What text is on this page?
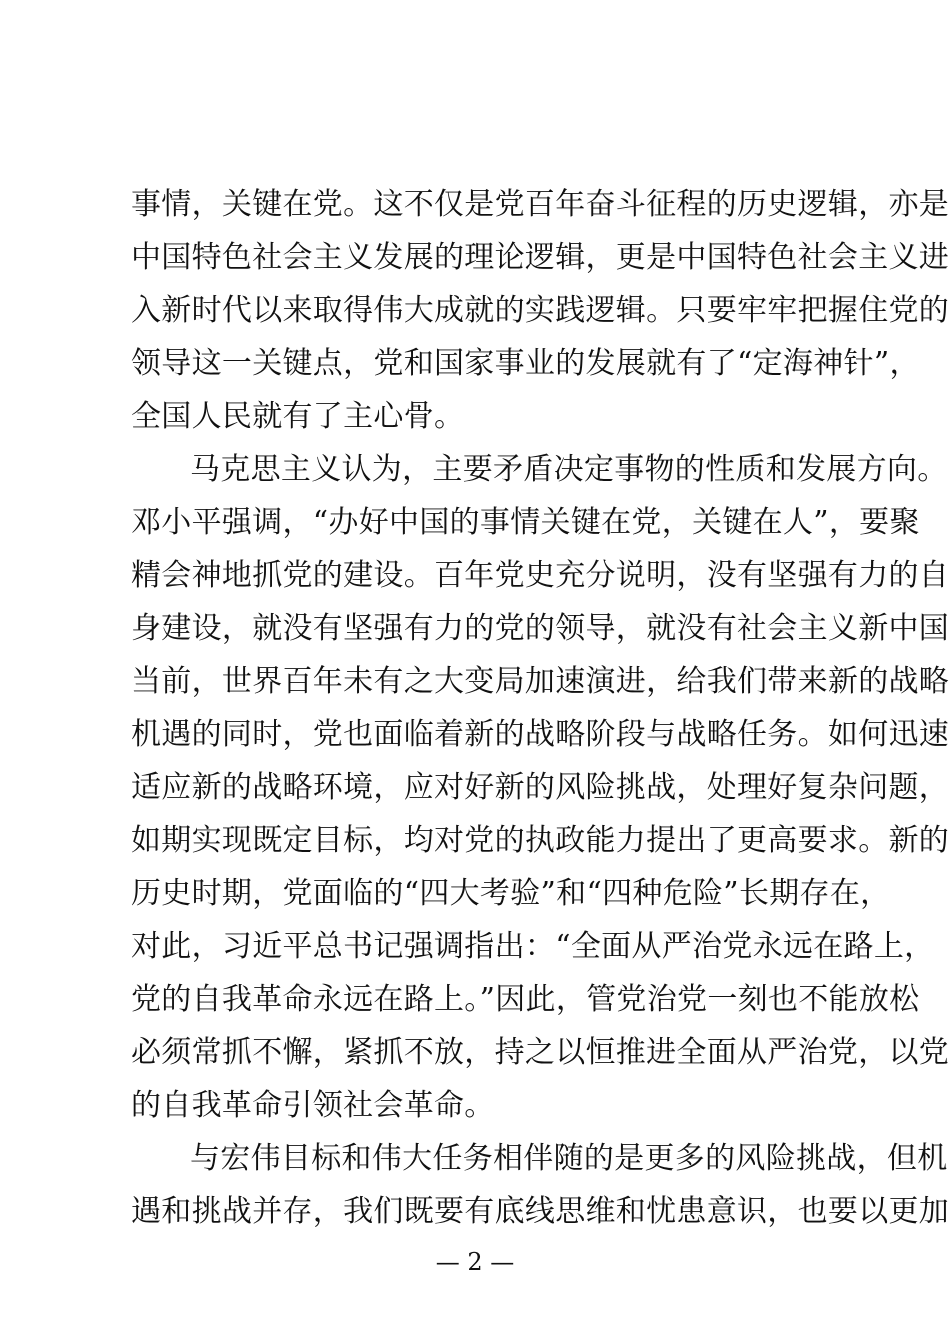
事情，关键在党。这不仅是党百年奋斗征程的历史逻辑，亦是
中国特色社会主义发展的理论逻辑，更是中国特色社会主义进
入新时代以来取得伟大成就的实践逻辑。只要牢牢把握住党的
领导这一关键点，党和国家事业的发展就有了“定海神针”，
全国人民就有了主心骨。
马克思主义认为，主要矛盾决定事物的性质和发展方向。
邓小平强调，“办好中国的事情关键在党，关键在人”，要聚
精会神地抓党的建设。百年党史充分说明，没有坚强有力的自
身建设，就没有坚强有力的党的领导，就没有社会主义新中国
当前，世界百年未有之大变局加速演进，给我们带来新的战略
机遇的同时，党也面临着新的战略阶段与战略任务。如何迅速
适应新的战略环境，应对好新的风险挑战，处理好复杂问题，
如期实现既定目标，均对党的执政能力提出了更高要求。新的
历史时期，党面临的“四大考验”和“四种危险”长期存在，
对此，习近平总书记强调指出：“全面从严治党永远在路上，
党的自我革命永远在路上。”因此，管党治党一刻也不能放松
必须常抓不懈，紧抓不放，持之以恒推进全面从严治党，以党
的自我革命引领社会革命。
与宏伟目标和伟大任务相伴随的是更多的风险挑战，但机
遇和挑战并存，我们既要有底线思维和忧患意识，也要以更加
— 2 —
